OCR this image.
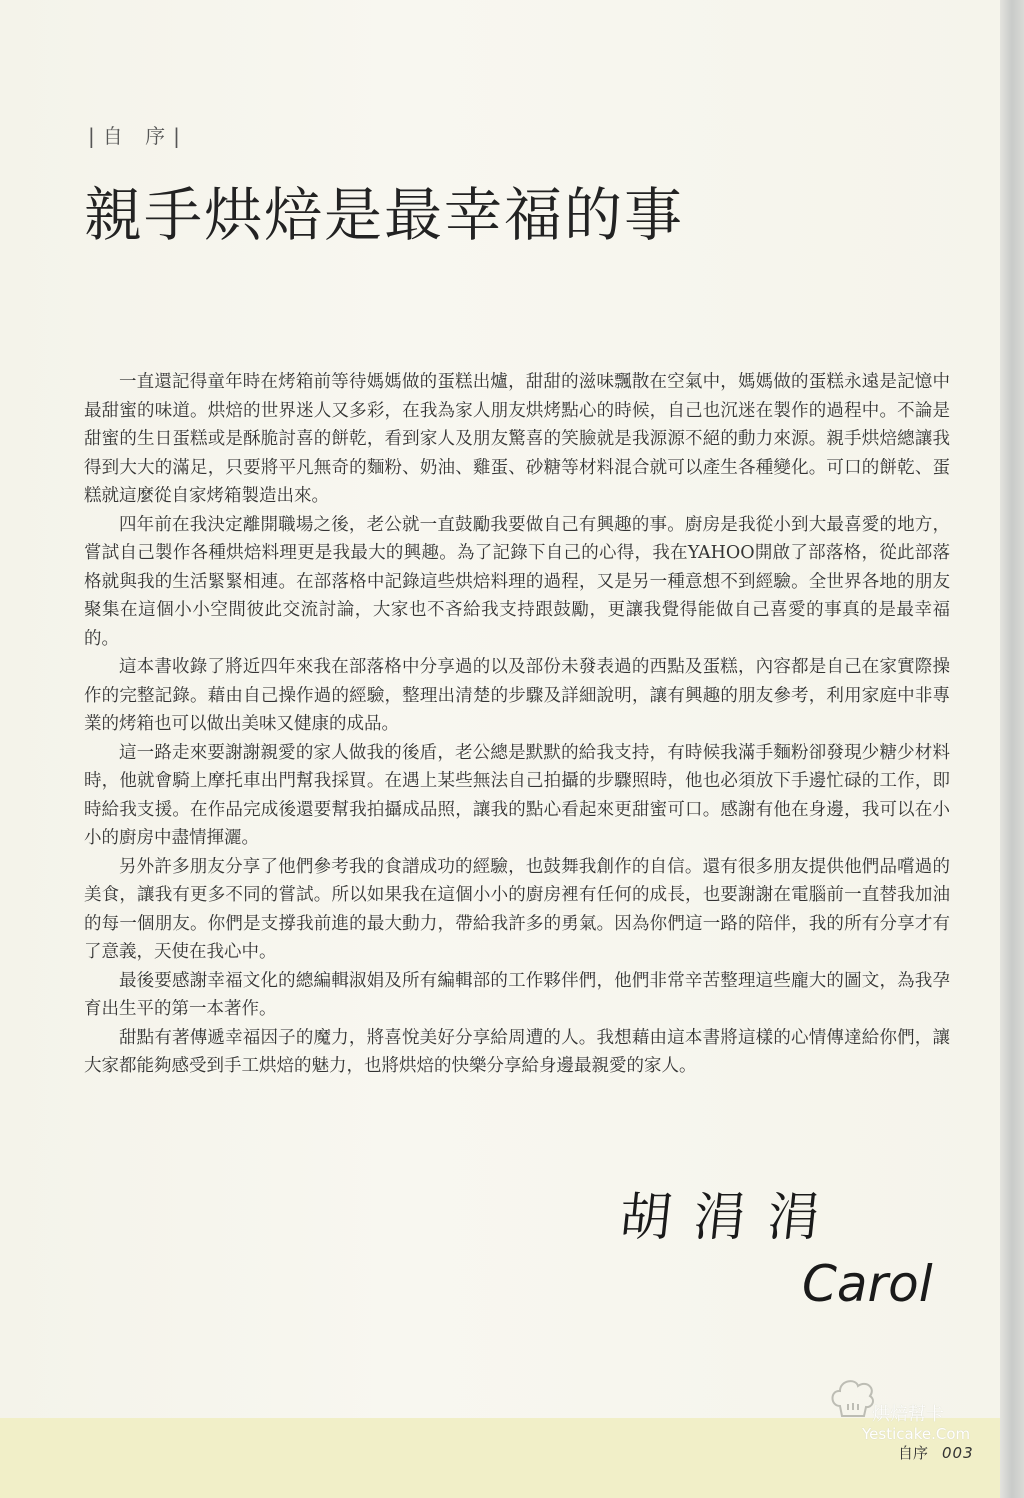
|自 序|
親手烘焙是最幸福的事

一直還記得童年時在烤箱前等待媽媽做的蛋糕出爐，甜甜的滋味飄散在空氣中，媽媽做的蛋糕永遠是記憶中最甜蜜的味道。烘焙的世界迷人又多彩，在我為家人朋友烘烤點心的時候，自己也沉迷在製作的過程中。不論是甜蜜的生日蛋糕或是酥脆討喜的餅乾，看到家人及朋友驚喜的笑臉就是我源源不絕的動力來源。親手烘焙總讓我得到大大的滿足，只要將平凡無奇的麵粉、奶油、雞蛋、砂糖等材料混合就可以產生各種變化。可口的餅乾、蛋糕就這麼從自家烤箱製造出來。

四年前在我決定離開職場之後，老公就一直鼓勵我要做自己有興趣的事。廚房是我從小到大最喜愛的地方，嘗試自己製作各種烘焙料理更是我最大的興趣。為了記錄下自己的心得，我在YAHOO開啟了部落格，從此部落格就與我的生活緊緊相連。在部落格中記錄這些烘焙料理的過程，又是另一種意想不到經驗。全世界各地的朋友聚集在這個小小空間彼此交流討論，大家也不吝給我支持跟鼓勵，更讓我覺得能做自己喜愛的事真的是最幸福的。

這本書收錄了將近四年來我在部落格中分享過的以及部份未發表過的西點及蛋糕，內容都是自己在家實際操作的完整記錄。藉由自己操作過的經驗，整理出清楚的步驟及詳細說明，讓有興趣的朋友參考，利用家庭中非專業的烤箱也可以做出美味又健康的成品。

這一路走來要謝謝親愛的家人做我的後盾，老公總是默默的給我支持，有時候我滿手麵粉卻發現少糖少材料時，他就會騎上摩托車出門幫我採買。在遇上某些無法自己拍攝的步驟照時，他也必須放下手邊忙碌的工作，即時給我支援。在作品完成後還要幫我拍攝成品照，讓我的點心看起來更甜蜜可口。感謝有他在身邊，我可以在小小的廚房中盡情揮灑。

另外許多朋友分享了他們參考我的食譜成功的經驗，也鼓舞我創作的自信。還有很多朋友提供他們品嚐過的美食，讓我有更多不同的嘗試。所以如果我在這個小小的廚房裡有任何的成長，也要謝謝在電腦前一直替我加油的每一個朋友。你們是支撐我前進的最大動力，帶給我許多的勇氣。因為你們這一路的陪伴，我的所有分享才有了意義，天使在我心中。

最後要感謝幸福文化的總編輯淑娟及所有編輯部的工作夥伴們，他們非常辛苦整理這些龐大的圖文，為我孕育出生平的第一本著作。

甜點有著傳遞幸福因子的魔力，將喜悅美好分享給周遭的人。我想藉由這本書將這樣的心情傳達給你們，讓大家都能夠感受到手工烘焙的魅力，也將烘焙的快樂分享給身邊最親愛的家人。

胡涓涓
Carol
烘焙幫卡
Yesticake.Com
自序 003
